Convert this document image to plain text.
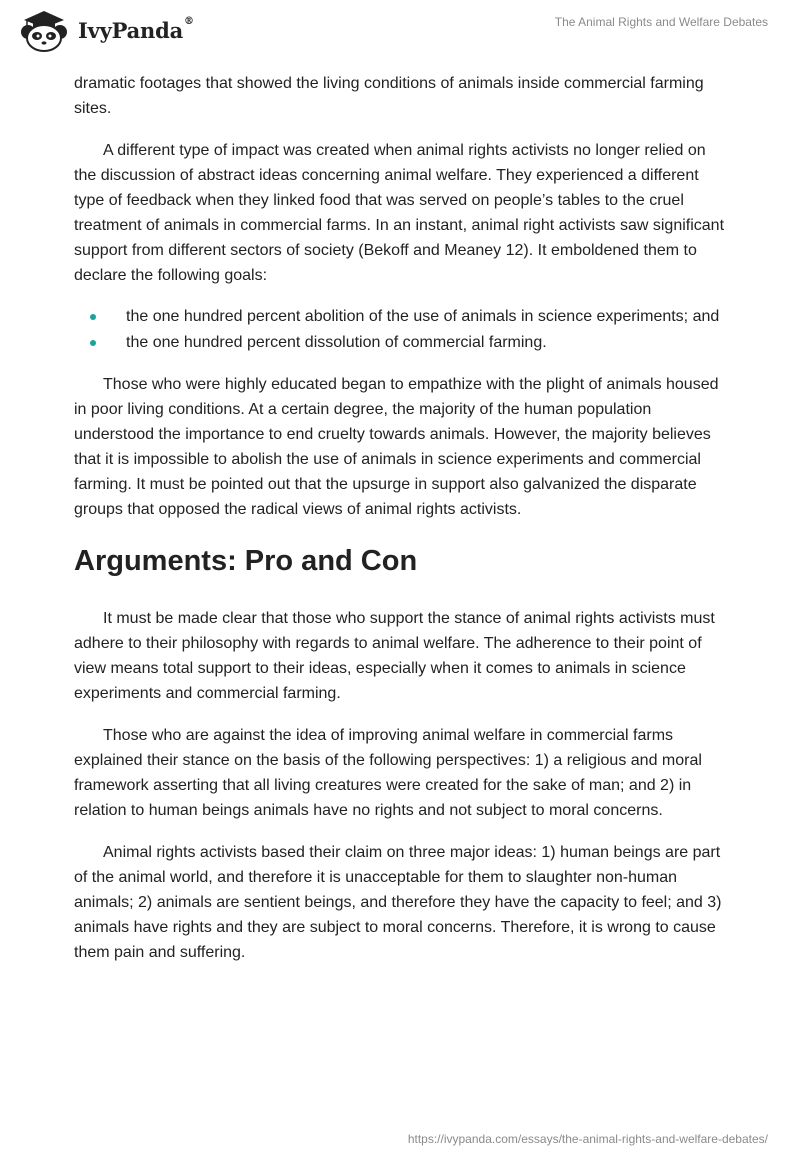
IvyPanda®	The Animal Rights and Welfare Debates

dramatic footages that showed the living conditions of animals inside commercial farming sites.

A different type of impact was created when animal rights activists no longer relied on the discussion of abstract ideas concerning animal welfare. They experienced a different type of feedback when they linked food that was served on people’s tables to the cruel treatment of animals in commercial farms. In an instant, animal right activists saw significant support from different sectors of society (Bekoff and Meaney 12). It emboldened them to declare the following goals:

the one hundred percent abolition of the use of animals in science experiments; and
the one hundred percent dissolution of commercial farming.

Those who were highly educated began to empathize with the plight of animals housed in poor living conditions. At a certain degree, the majority of the human population understood the importance to end cruelty towards animals. However, the majority believes that it is impossible to abolish the use of animals in science experiments and commercial farming. It must be pointed out that the upsurge in support also galvanized the disparate groups that opposed the radical views of animal rights activists.

Arguments: Pro and Con

It must be made clear that those who support the stance of animal rights activists must adhere to their philosophy with regards to animal welfare. The adherence to their point of view means total support to their ideas, especially when it comes to animals in science experiments and commercial farming.

Those who are against the idea of improving animal welfare in commercial farms explained their stance on the basis of the following perspectives: 1) a religious and moral framework asserting that all living creatures were created for the sake of man; and 2) in relation to human beings animals have no rights and not subject to moral concerns.

Animal rights activists based their claim on three major ideas: 1) human beings are part of the animal world, and therefore it is unacceptable for them to slaughter non-human animals; 2) animals are sentient beings, and therefore they have the capacity to feel; and 3) animals have rights and they are subject to moral concerns. Therefore, it is wrong to cause them pain and suffering.

https://ivypanda.com/essays/the-animal-rights-and-welfare-debates/
